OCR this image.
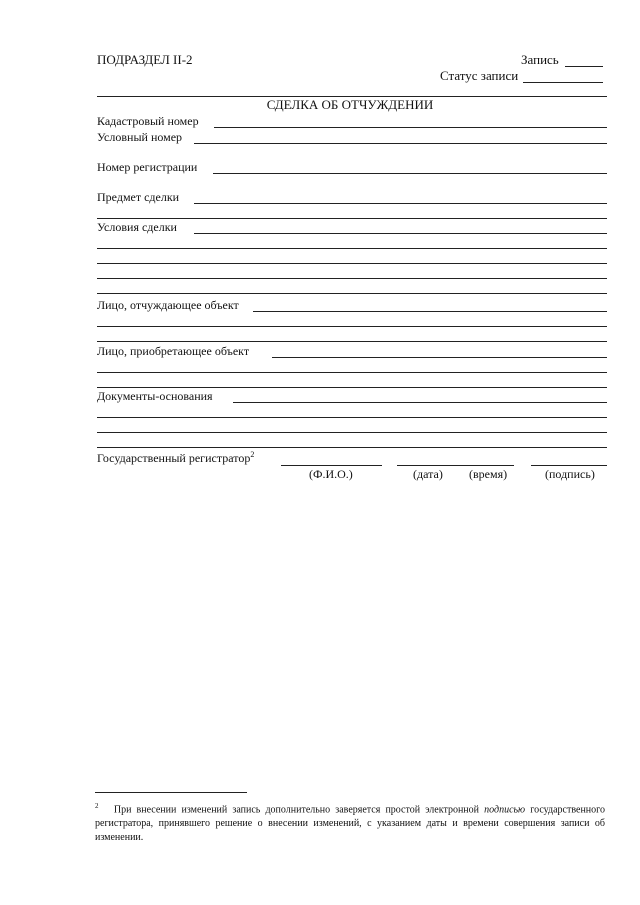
ПОДРАЗДЕЛ II-2	Запись
Статус записи
СДЕЛКА ОБ ОТЧУЖДЕНИИ
Кадастровый номер
Условный номер
Номер регистрации
Предмет сделки
Условия сделки
Лицо, отчуждающее объект
Лицо, приобретающее объект
Документы-основания
Государственный регистратор$^2$
(Ф.И.О.)	(дата) (время)	(подпись)
$^2$ При внесении изменений запись дополнительно заверяется простой электронной подписью государственного регистратора, принявшего решение о внесении изменений, с указанием даты и времени совершения записи об изменении.
